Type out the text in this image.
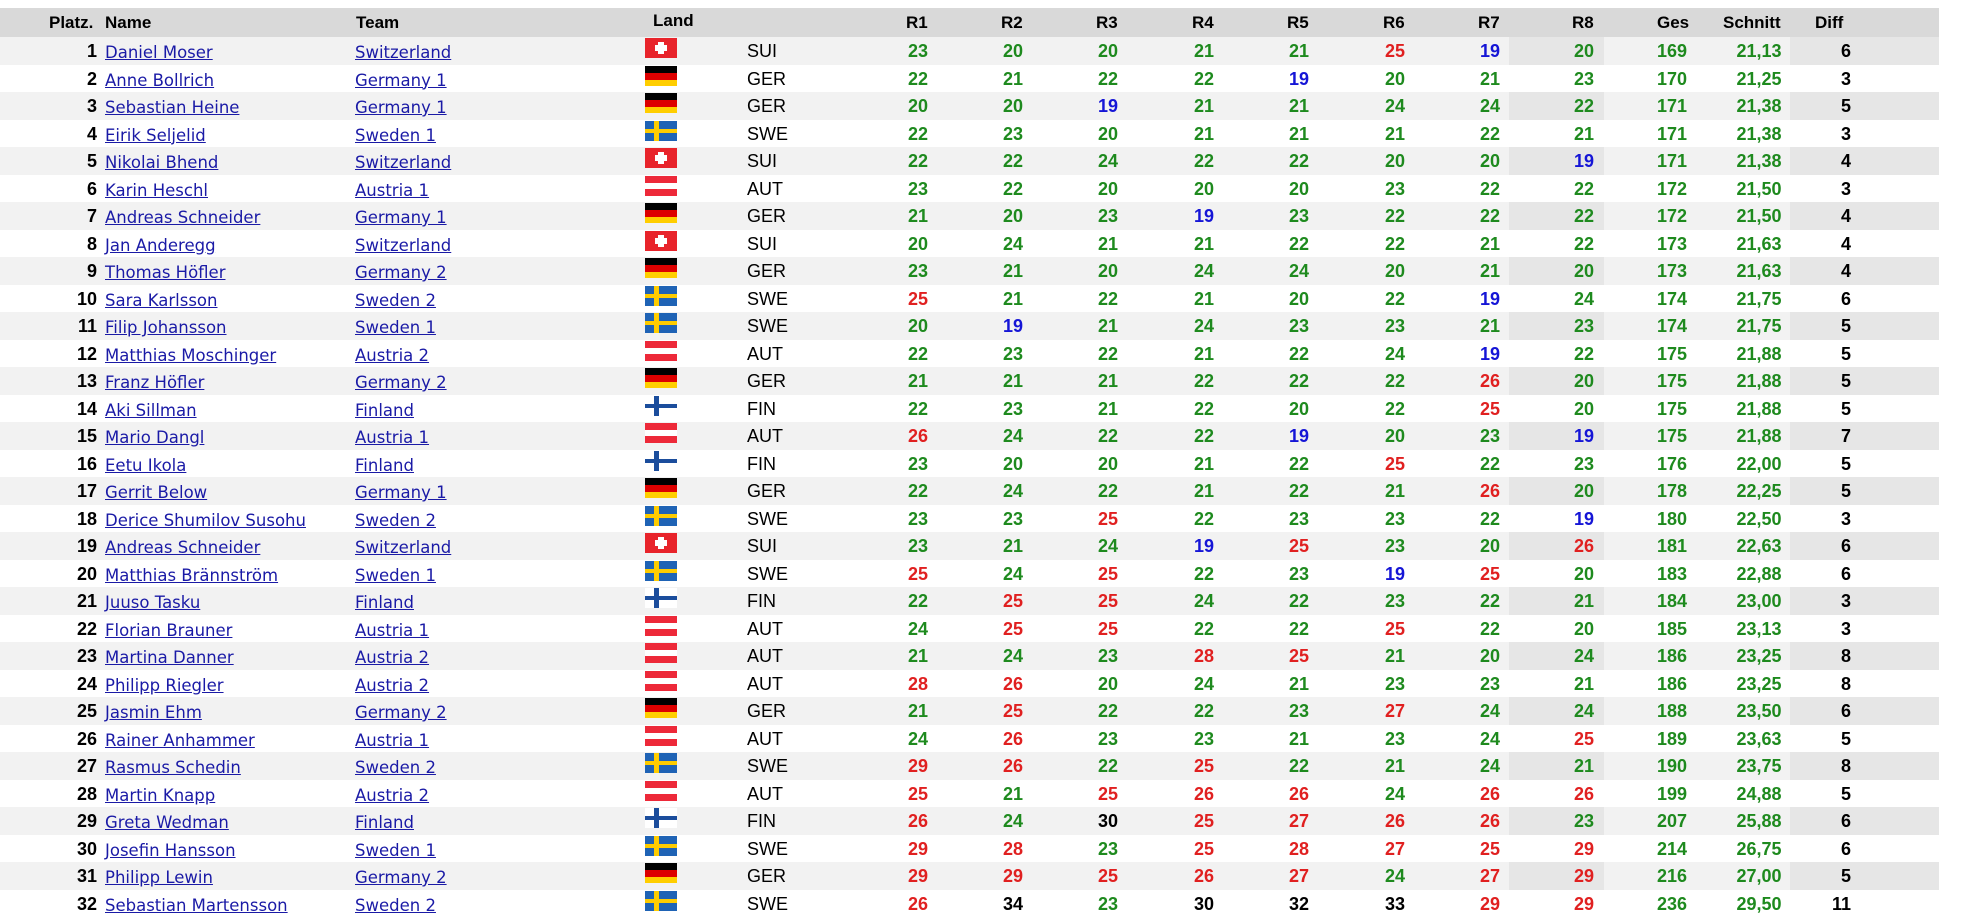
Platz. Name	Team	Land	R1	R2	R3	R4	R5	R6	R7	R8	Ges Schnitt Diff
1 Daniel Moser	Switzerland	SUI	23	20	20	21	21	25	19	20	169	21,13	6
2 Anne Bollrich	Germany 1	GER	22	21	22	22	19	20	21	23	170	21,25	3
3 Sebastian Heine	Germany 1	GER	20	20	19	21	21	24	24	22	171	21,38	5
4 Eirik Seljelid	Sweden 1	SWE	22	23	20	21	21	21	22	21	171	21,38	3
5 Nikolai Bhend	Switzerland	SUI	22	22	24	22	22	20	20	19	171	21,38	4
6 Karin Heschl	Austria 1	AUT	23	22	20	20	20	23	22	22	172	21,50	3
7 Andreas Schneider	Germany 1	GER	21	20	23	19	23	22	22	22	172	21,50	4
8 Jan Anderegg	Switzerland	SUI	20	24	21	21	22	22	21	22	173	21,63	4
9 Thomas Höfler	Germany 2	GER	23	21	20	24	24	20	21	20	173	21,63	4
10 Sara Karlsson	Sweden 2	SWE	25	21	22	21	20	22	19	24	174	21,75	6
11 Filip Johansson	Sweden 1	SWE	20	19	21	24	23	23	21	23	174	21,75	5
12 Matthias Moschinger	Austria 2	AUT	22	23	22	21	22	24	19	22	175	21,88	5
13 Franz Höfler	Germany 2	GER	21	21	21	22	22	22	26	20	175	21,88	5
14 Aki Sillman	Finland	FIN	22	23	21	22	20	22	25	20	175	21,88	5
15 Mario Dangl	Austria 1	AUT	26	24	22	22	19	20	23	19	175	21,88	7
16 Eetu Ikola	Finland	FIN	23	20	20	21	22	25	22	23	176	22,00	5
17 Gerrit Below	Germany 1	GER	22	24	22	21	22	21	26	20	178	22,25	5
18 Derice Shumilov Susohu	Sweden 2	SWE	23	23	25	22	23	23	22	19	180	22,50	3
19 Andreas Schneider	Switzerland	SUI	23	21	24	19	25	23	20	26	181	22,63	6
20 Matthias Brännström	Sweden 1	SWE	25	24	25	22	23	19	25	20	183	22,88	6
21 Juuso Tasku	Finland	FIN	22	25	25	24	22	23	22	21	184	23,00	3
22 Florian Brauner	Austria 1	AUT	24	25	25	22	22	25	22	20	185	23,13	3
23 Martina Danner	Austria 2	AUT	21	24	23	28	25	21	20	24	186	23,25	8
24 Philipp Riegler	Austria 2	AUT	28	26	20	24	21	23	23	21	186	23,25	8
25 Jasmin Ehm	Germany 2	GER	21	25	22	22	23	27	24	24	188	23,50	6
26 Rainer Anhammer	Austria 1	AUT	24	26	23	23	21	23	24	25	189	23,63	5
27 Rasmus Schedin	Sweden 2	SWE	29	26	22	25	22	21	24	21	190	23,75	8
28 Martin Knapp	Austria 2	AUT	25	21	25	26	26	24	26	26	199	24,88	5
29 Greta Wedman	Finland	FIN	26	24	30	25	27	26	26	23	207	25,88	6
30 Josefin Hansson	Sweden 1	SWE	29	28	23	25	28	27	25	29	214	26,75	6
31 Philipp Lewin	Germany 2	GER	29	29	25	26	27	24	27	29	216	27,00	5
32 Sebastian Martensson	Sweden 2	SWE	26	34	23	30	32	33	29	29	236	29,50	11
